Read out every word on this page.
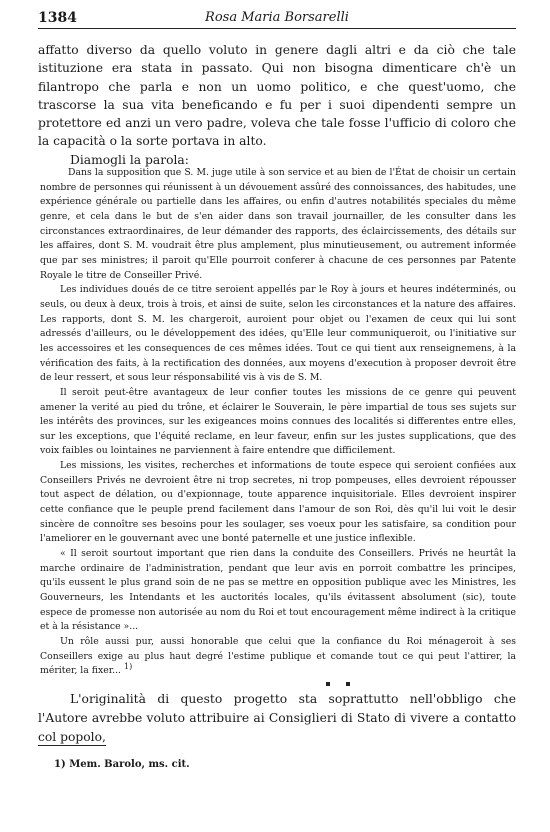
1384	Rosa Maria Borsarelli

affatto diverso da quello voluto in genere dagli altri e da ciò che tale istituzione era stata in passato. Qui non bisogna dimenticare ch'è un filantropo che parla e non un uomo politico, e che quest'uomo, che trascorse la sua vita beneficando e fu per i suoi dipendenti sempre un protettore ed anzi un vero padre, voleva che tale fosse l'ufficio di coloro che la capacità o la sorte portava in alto.

Diamogli la parola:

Dans la supposition que S. M. juge utile à son service et au bien de l'État de choisir un certain nombre de personnes qui réunissent à un dévouement assûré des connoissances, des habitudes, une expérience générale ou partielle dans les affaires, ou enfin d'autres notabilités speciales du même genre, et cela dans le but de s'en aider dans son travail journailler, de les consulter dans les circonstances extraordinaires, de leur démander des rapports, des éclaircissements, des détails sur les affaires, dont S. M. voudrait être plus amplement, plus minutieusement, ou autrement informée que par ses ministres; il paroit qu'Elle pourroit conferer à chacune de ces personnes par Patente Royale le titre de Conseiller Privé.

Les individues doués de ce titre seroient appellés par le Roy à jours et heures indéterminés, ou seuls, ou deux à deux, trois à trois, et ainsi de suite, selon les circonstances et la nature des affaires. Les rapports, dont S. M. les chargeroit, auroient pour objet ou l'examen de ceux qui lui sont adressés d'ailleurs, ou le développement des idées, qu'Elle leur communiqueroit, ou l'initiative sur les accessoires et les consequences de ces mêmes idées. Tout ce qui tient aux renseignemens, à la vérification des faits, à la rectification des données, aux moyens d'execution à proposer devroit être de leur ressert, et sous leur résponsabilité vis à vis de S. M.

Il seroit peut-être avantageux de leur confier toutes les missions de ce genre qui peuvent amener la verité au pied du trône, et éclairer le Souverain, le père impartial de tous ses sujets sur les intérêts des provinces, sur les exigeances moins connues des localités si differentes entre elles, sur les exceptions, que l'équité reclame, en leur faveur, enfin sur les justes supplications, que des voix faibles ou lointaines ne parviennent à faire entendre que difficilement.

Les missions, les visites, recherches et informations de toute espece qui seroient confiées aux Conseillers Privés ne devroient être ni trop secretes, ni trop pompeuses, elles devroient répousser tout aspect de délation, ou d'expionnage, toute apparence inquisitoriale. Elles devroient inspirer cette confiance que le peuple prend facilement dans l'amour de son Roi, dès qu'il lui voit le desir sincère de connoître ses besoins pour les soulager, ses voeux pour les satisfaire, sa condition pour l'ameliorer en le gouvernant avec une bonté paternelle et une justice inflexible.

« Il seroit sourtout important que rien dans la conduite des Conseillers. Privés ne heurtât la marche ordinaire de l'administration, pendant que leur avis en porroit combattre les principes, qu'ils eussent le plus grand soin de ne pas se mettre en opposition publique avec les Ministres, les Gouverneurs, les Intendants et les auctorités locales, qu'ils évitassent absolument (sic), toute espece de promesse non autorisée au nom du Roi et tout encouragement même indirect à la critique et à la résistance »...

Un rôle aussi pur, aussi honorable que celui que la confiance du Roi ménageroit à ses Conseillers exige au plus haut degré l'estime publique et comande tout ce qui peut l'attirer, la mériter, la fixer... 1)

L'originalità di questo progetto sta soprattutto nell'obbligo che l'Autore avrebbe voluto attribuire ai Consiglieri di Stato di vivere a contatto col popolo,

1) Mem. Barolo, ms. cit.
